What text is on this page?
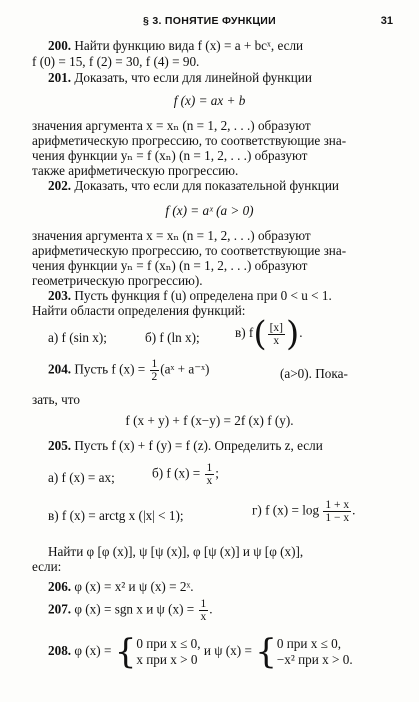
§ 3. ПОНЯТИЕ ФУНКЦИИ	31
200. Найти функцию вида f (x) = a + bcˣ, если
f (0) = 15, f (2) = 30, f (4) = 90.
201. Доказать, что если для линейной функции
f (x) = ax + b
значения аргумента x = xₙ (n = 1, 2, . . .) образуют
арифметическую прогрессию, то соответствующие зна-
чения функции yₙ = f (xₙ) (n = 1, 2, . . .) образуют
также арифметическую прогрессию.
202. Доказать, что если для показательной функции
f (x) = aˣ (a > 0)
значения аргумента x = xₙ (n = 1, 2, . . .) образуют
арифметическую прогрессию, то соответствующие зна-
чения функции yₙ = f (xₙ) (n = 1, 2, . . .) образуют
геометрическую прогрессию).
203. Пусть функция f (u) определена при 0 < u < 1.
Найти области определения функций:
а) f (sin x);	б) f (ln x);	в) $f( \frac{[x]}{x}$ ).
204. Пусть f $(x) = \frac{1}{2}$ (aˣ + a⁻ˣ)	(a>0). Пока-
зать, что
f (x + y) + f (x−y) = 2f (x) f (y).
205. Пусть f (x) + f (y) = f (z). Определить z, если
а) f (x) = ax;	б) f $(x) = \frac{1}{x}$ ;
в) f (x) = arctg x (|x| < 1);	г) f $(x) = \log \frac{1 + x}{1 - x}$ .
Найти φ [φ (x)], ψ [ψ (x)], φ [ψ (x)] и ψ [φ (x)],
если:
206. φ (x) = x² и ψ (x) = 2ˣ.
207. φ (x) = sgn x и ψ $(x) = \frac{1}{x}$ .
208. φ (x) = { 0 при x ≤ 0,
x при x > 0
и ψ (x) = { 0 при x ≤ 0,
−x² при x > 0.
